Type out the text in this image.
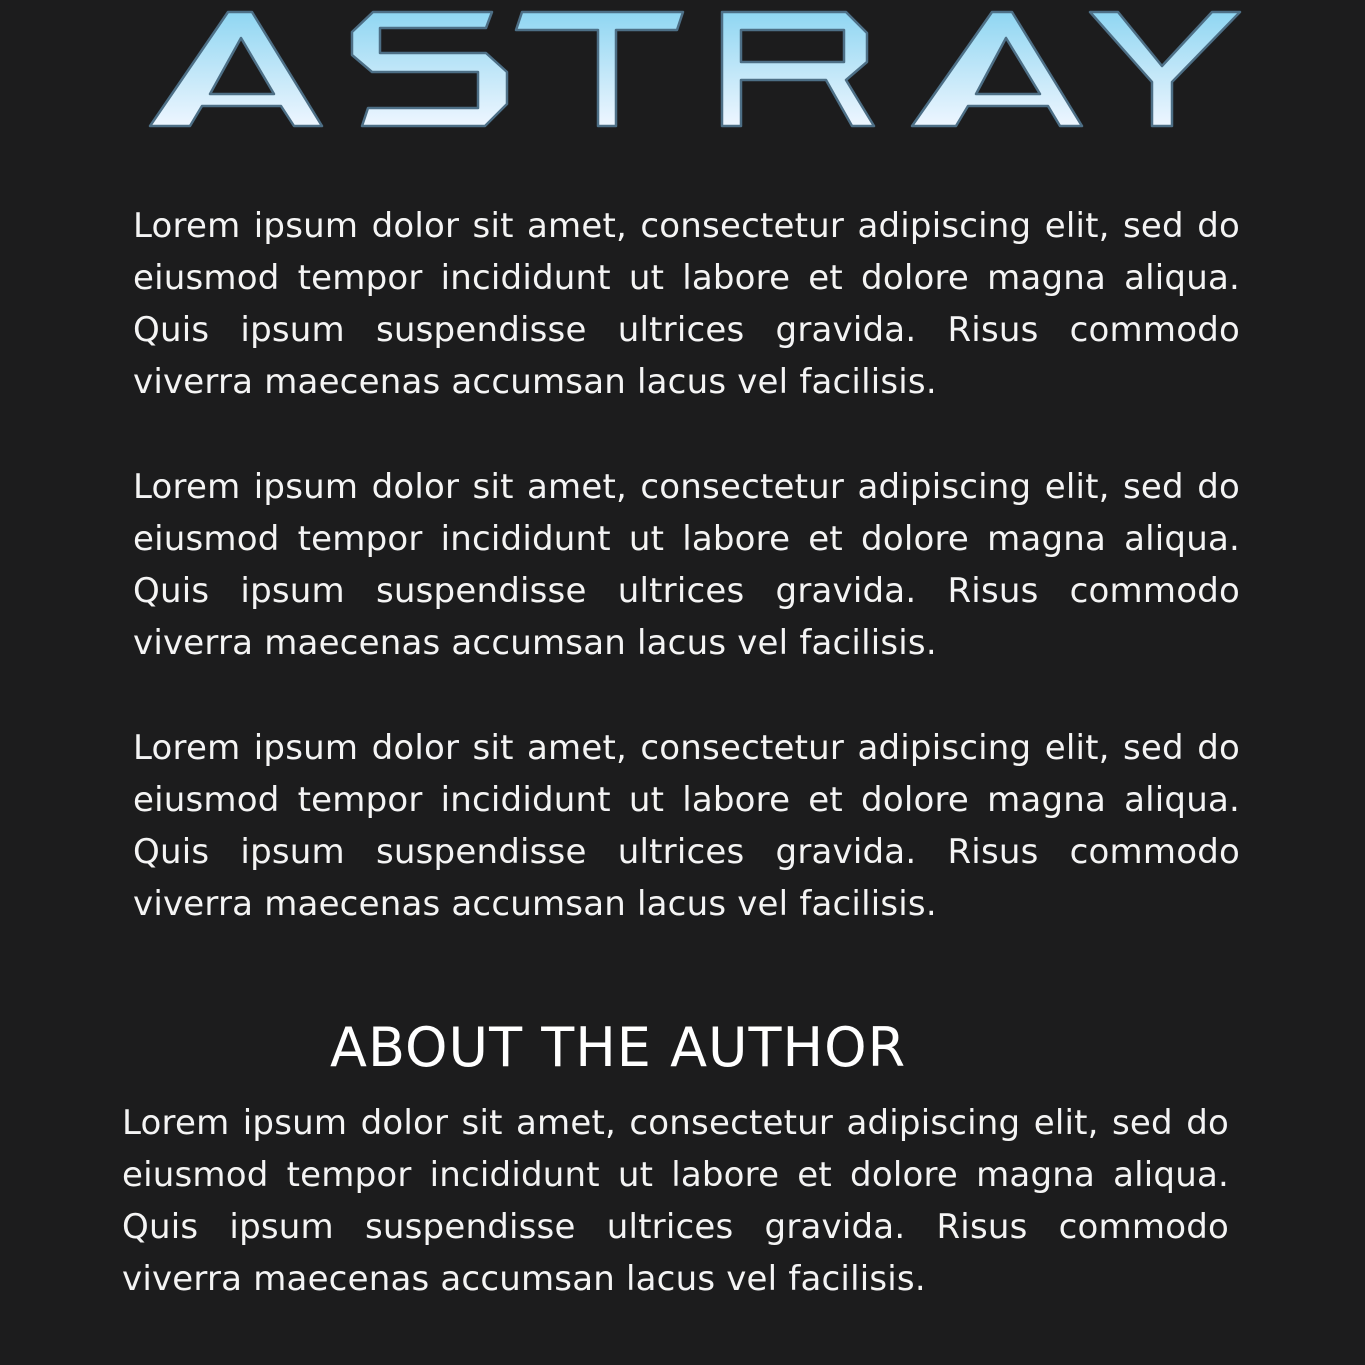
Lorem ipsum dolor sit amet, consectetur adipiscing elit, sed do eiusmod tempor incididunt ut labore et dolore magna aliqua. Quis ipsum suspendisse ultrices gravida. Risus commodo viverra maecenas accumsan lacus vel facilisis.

Lorem ipsum dolor sit amet, consectetur adipiscing elit, sed do eiusmod tempor incididunt ut labore et dolore magna aliqua. Quis ipsum suspendisse ultrices gravida. Risus commodo viverra maecenas accumsan lacus vel facilisis.

Lorem ipsum dolor sit amet, consectetur adipiscing elit, sed do eiusmod tempor incididunt ut labore et dolore magna aliqua. Quis ipsum suspendisse ultrices gravida. Risus commodo viverra maecenas accumsan lacus vel facilisis.

ABOUT THE AUTHOR

Lorem ipsum dolor sit amet, consectetur adipiscing elit, sed do eiusmod tempor incididunt ut labore et dolore magna aliqua. Quis ipsum suspendisse ultrices gravida. Risus commodo viverra maecenas accumsan lacus vel facilisis.
